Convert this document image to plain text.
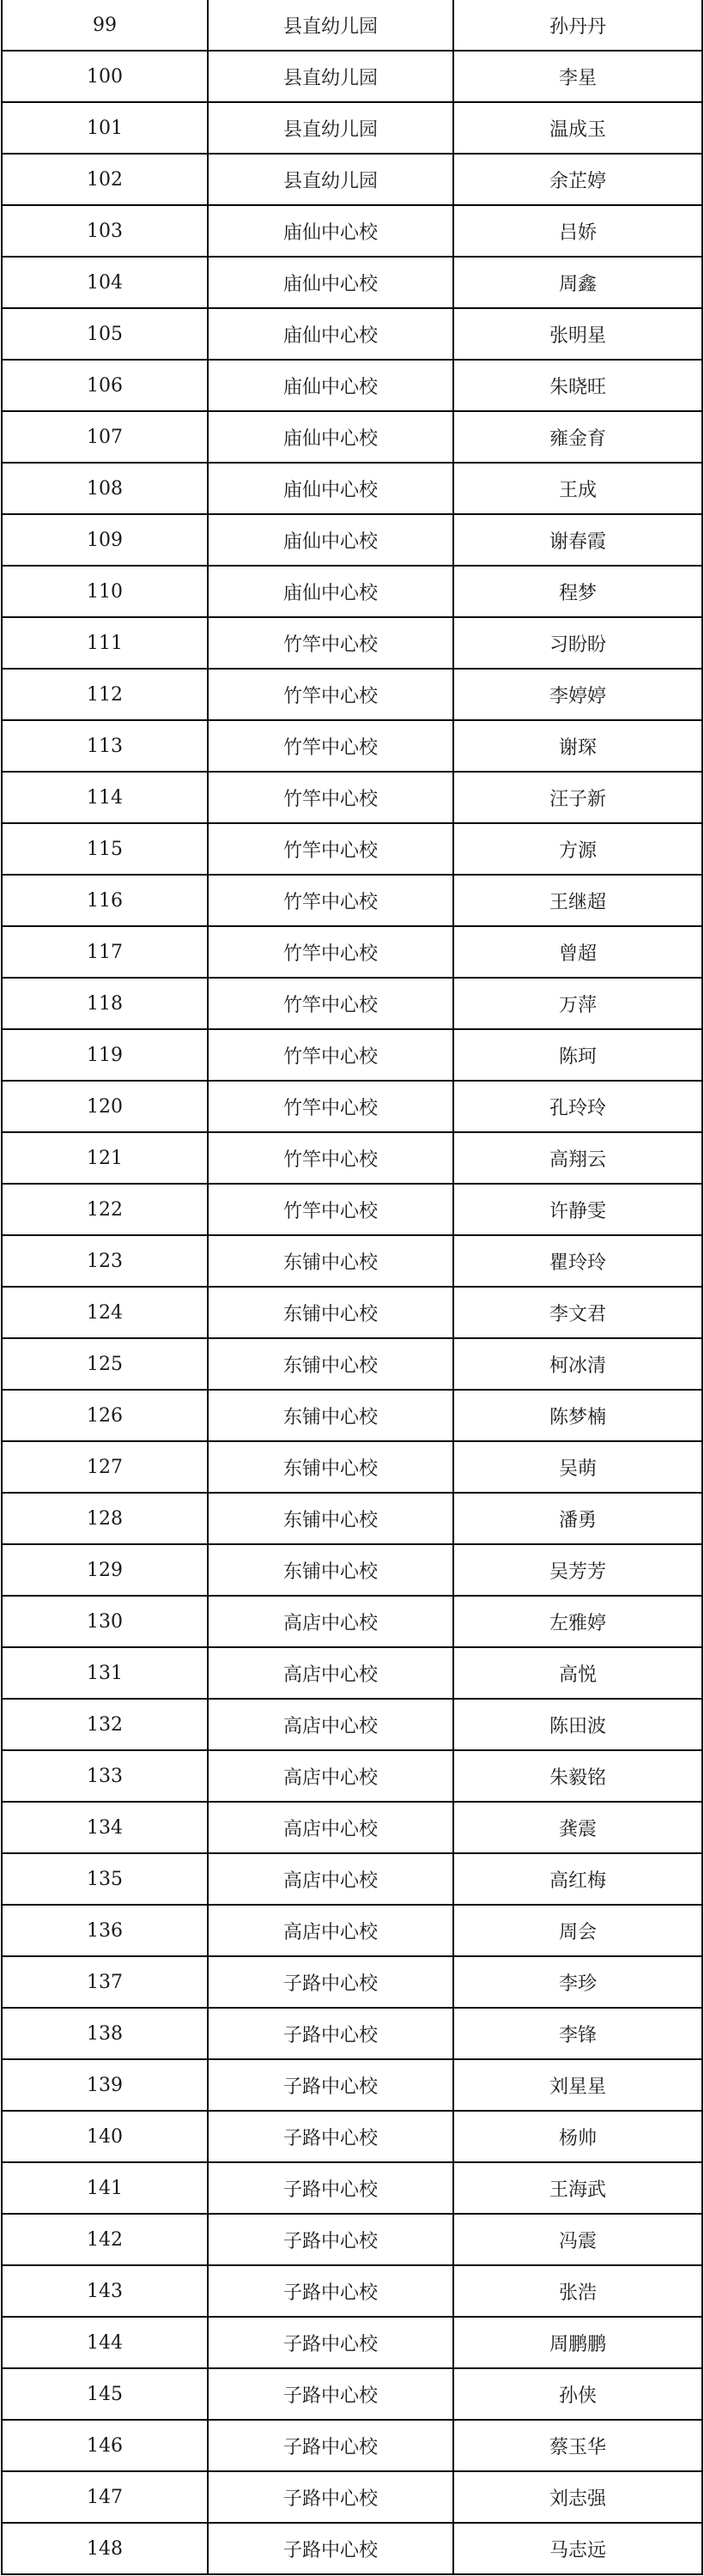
99	县直幼儿园	孙丹丹
100	县直幼儿园	李星
101	县直幼儿园	温成玉
102	县直幼儿园	余芷婷
103	庙仙中心校	吕娇
104	庙仙中心校	周鑫
105	庙仙中心校	张明星
106	庙仙中心校	朱晓旺
107	庙仙中心校	雍金育
108	庙仙中心校	王成
109	庙仙中心校	谢春霞
110	庙仙中心校	程梦
111	竹竿中心校	习盼盼
112	竹竿中心校	李婷婷
113	竹竿中心校	谢琛
114	竹竿中心校	汪子新
115	竹竿中心校	方源
116	竹竿中心校	王继超
117	竹竿中心校	曾超
118	竹竿中心校	万萍
119	竹竿中心校	陈珂
120	竹竿中心校	孔玲玲
121	竹竿中心校	高翔云
122	竹竿中心校	许静雯
123	东铺中心校	瞿玲玲
124	东铺中心校	李文君
125	东铺中心校	柯冰清
126	东铺中心校	陈梦楠
127	东铺中心校	吴萌
128	东铺中心校	潘勇
129	东铺中心校	吴芳芳
130	高店中心校	左雅婷
131	高店中心校	高悦
132	高店中心校	陈田波
133	高店中心校	朱毅铭
134	高店中心校	龚震
135	高店中心校	高红梅
136	高店中心校	周会
137	子路中心校	李珍
138	子路中心校	李锋
139	子路中心校	刘星星
140	子路中心校	杨帅
141	子路中心校	王海武
142	子路中心校	冯震
143	子路中心校	张浩
144	子路中心校	周鹏鹏
145	子路中心校	孙侠
146	子路中心校	蔡玉华
147	子路中心校	刘志强
148	子路中心校	马志远
